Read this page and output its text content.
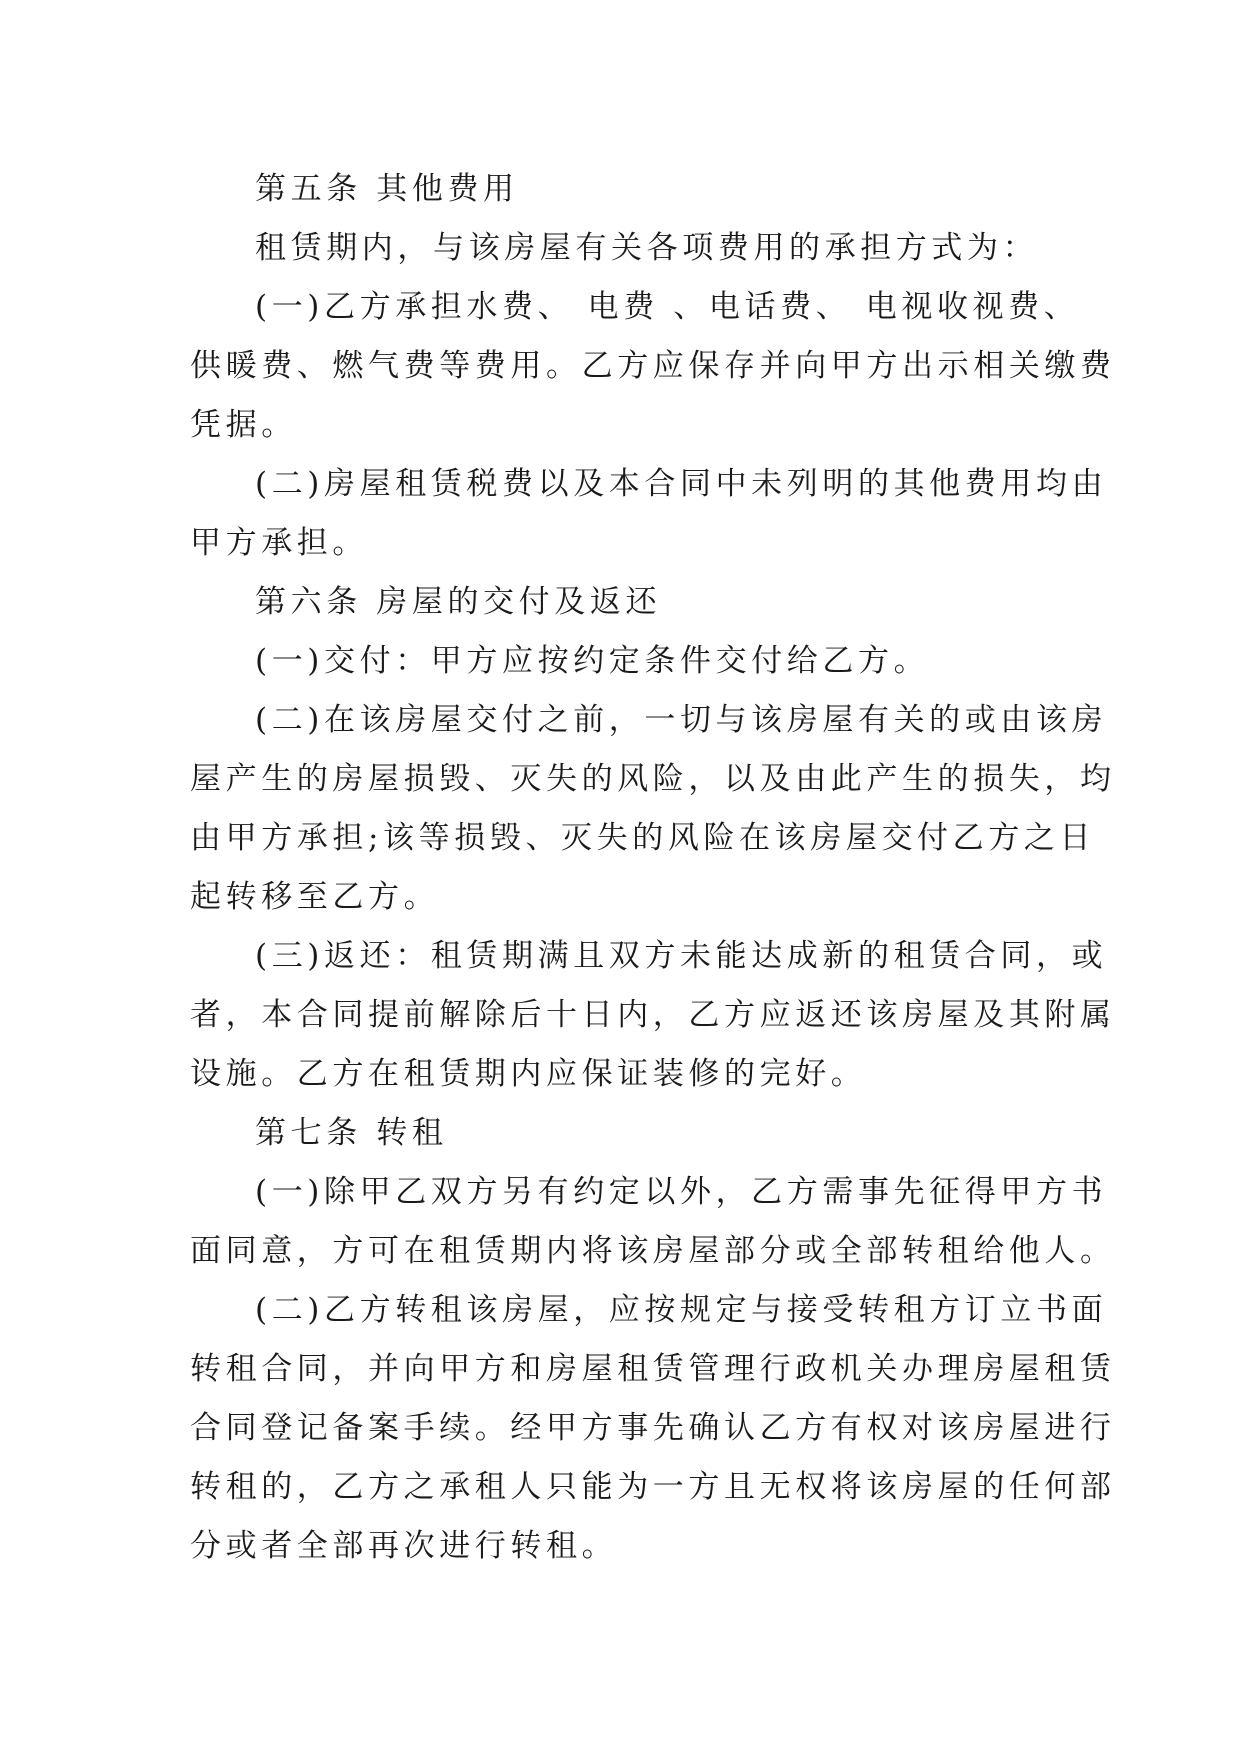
第五条 其他费用
租赁期内，与该房屋有关各项费用的承担方式为：
(一)乙方承担水费、 电费 、电话费、 电视收视费、
供暖费、燃气费等费用。乙方应保存并向甲方出示相关缴费
凭据。
(二)房屋租赁税费以及本合同中未列明的其他费用均由
甲方承担。
第六条 房屋的交付及返还
(一)交付：甲方应按约定条件交付给乙方。
(二)在该房屋交付之前，一切与该房屋有关的或由该房
屋产生的房屋损毁、灭失的风险，以及由此产生的损失，均
由甲方承担;该等损毁、灭失的风险在该房屋交付乙方之日
起转移至乙方。
(三)返还：租赁期满且双方未能达成新的租赁合同，或
者，本合同提前解除后十日内，乙方应返还该房屋及其附属
设施。乙方在租赁期内应保证装修的完好。
第七条 转租
(一)除甲乙双方另有约定以外，乙方需事先征得甲方书
面同意，方可在租赁期内将该房屋部分或全部转租给他人。
(二)乙方转租该房屋，应按规定与接受转租方订立书面
转租合同，并向甲方和房屋租赁管理行政机关办理房屋租赁
合同登记备案手续。经甲方事先确认乙方有权对该房屋进行
转租的，乙方之承租人只能为一方且无权将该房屋的任何部
分或者全部再次进行转租。
